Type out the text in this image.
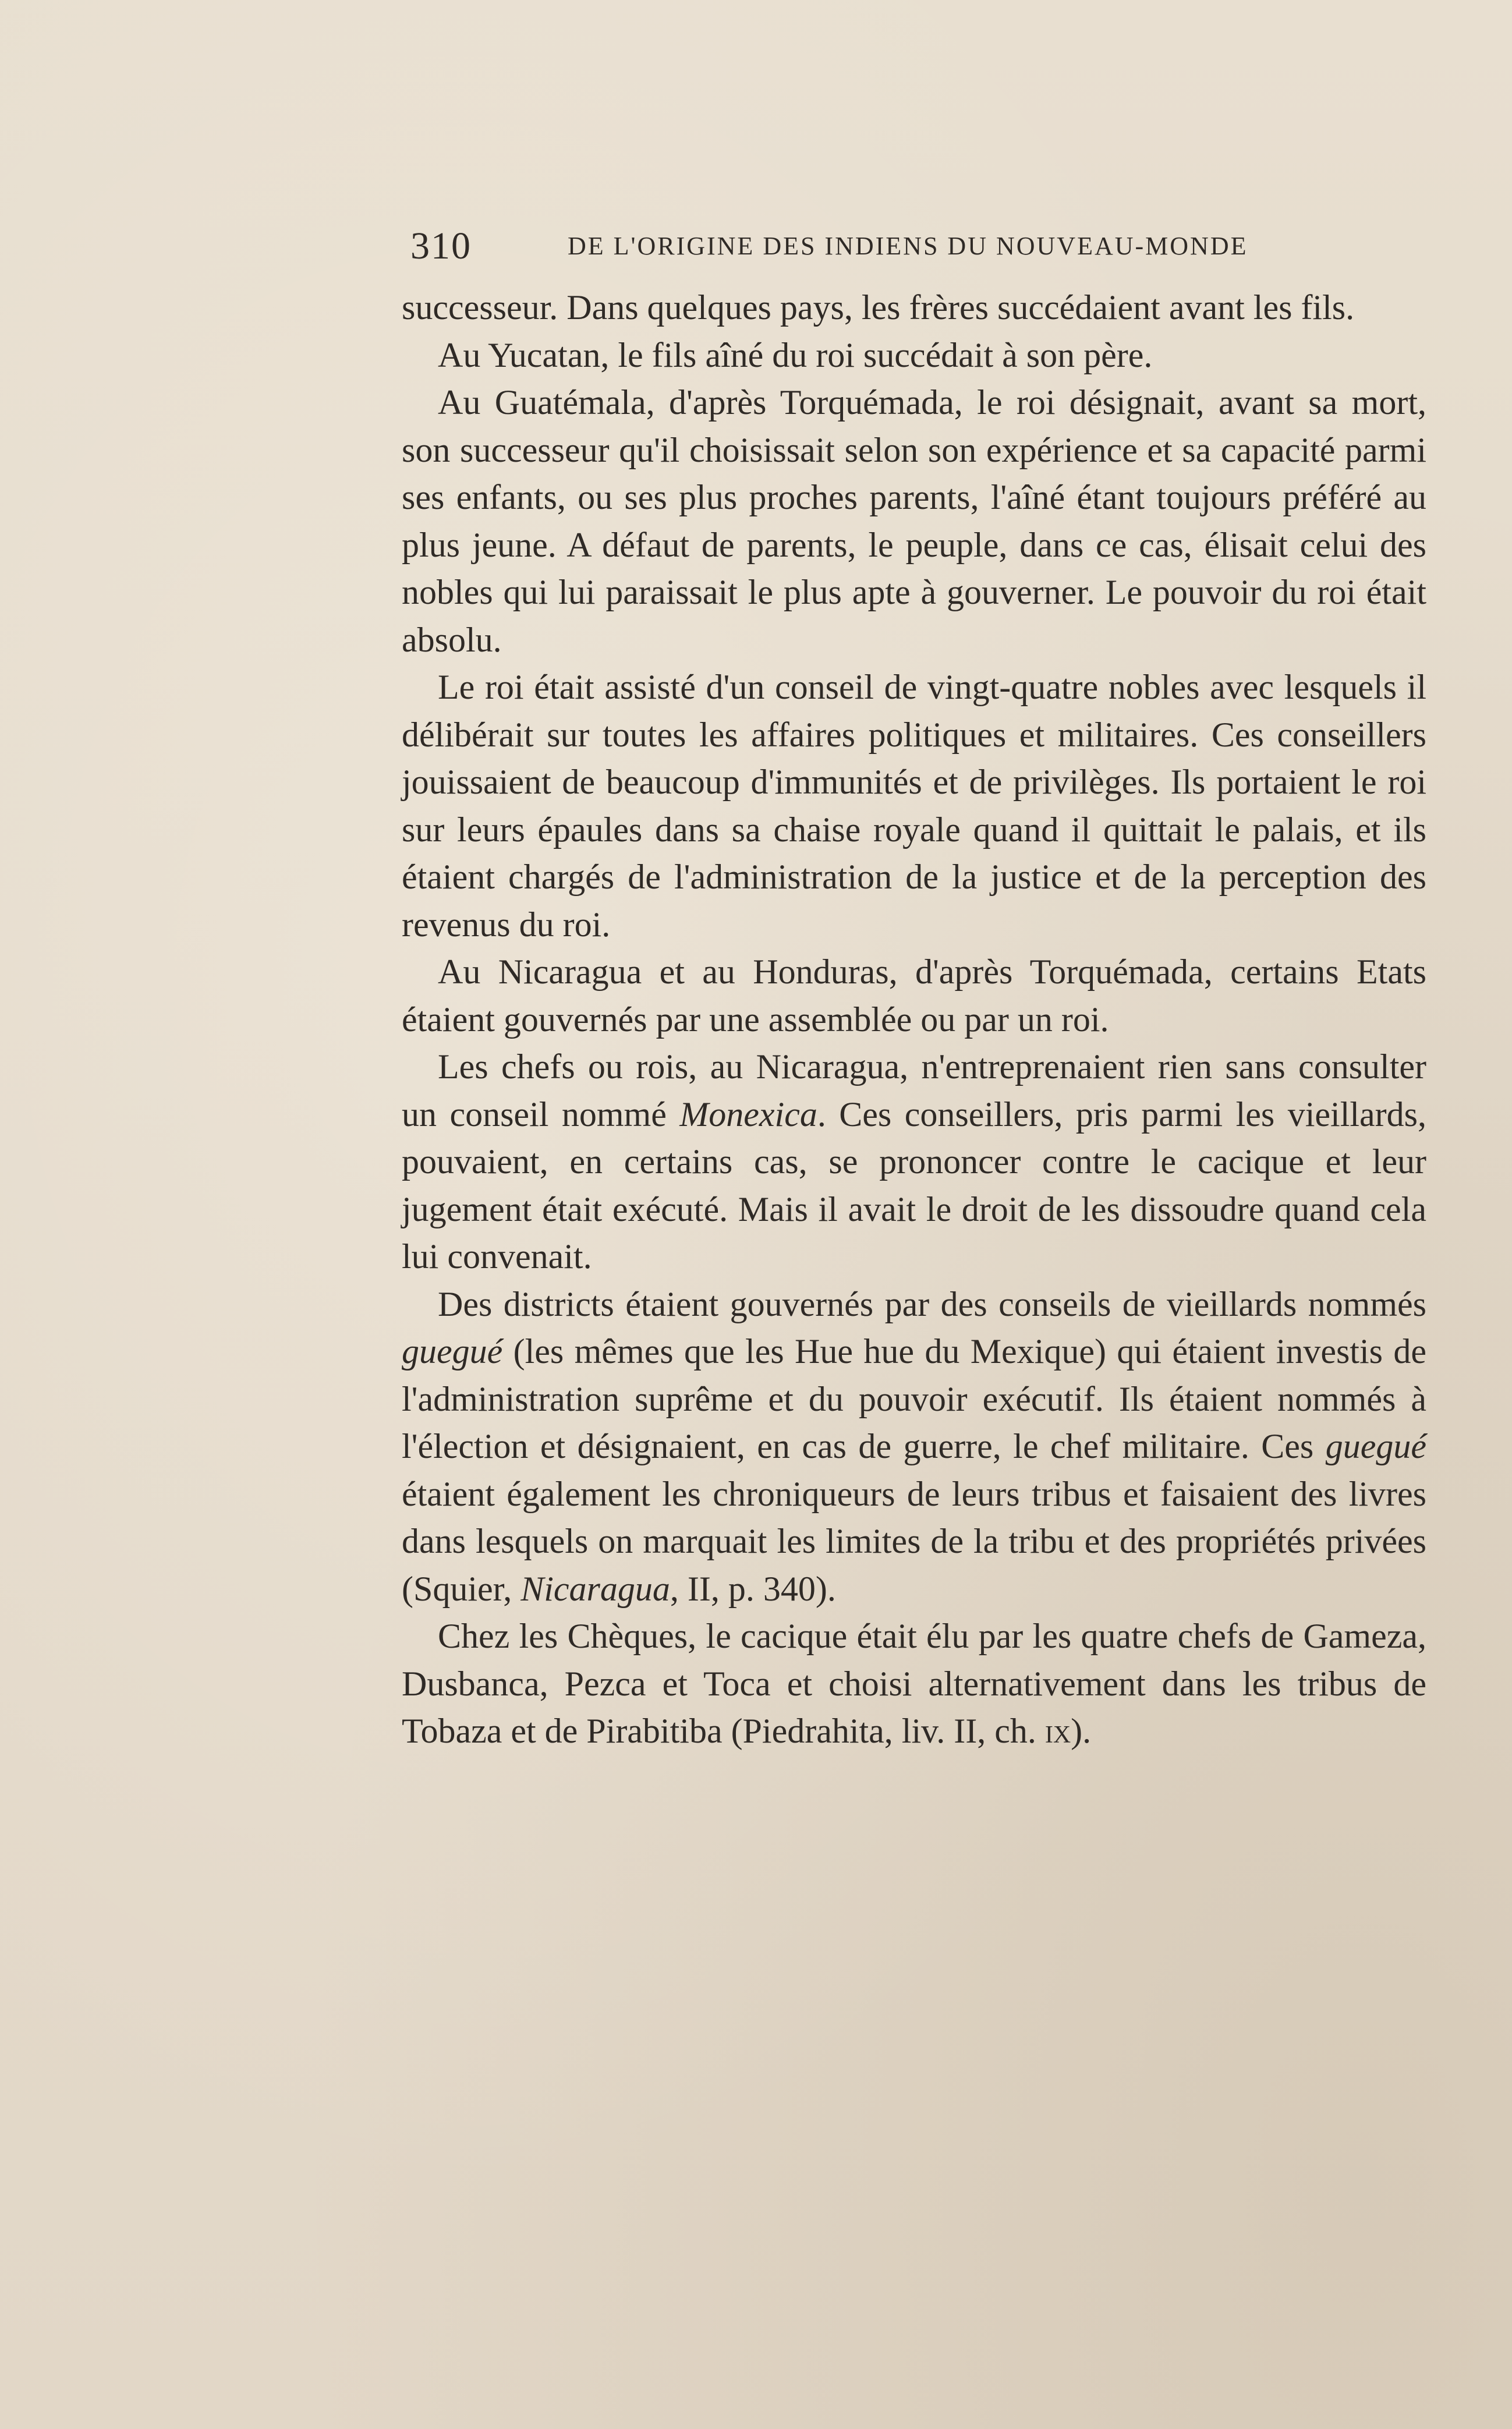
310	DE L'ORIGINE DES INDIENS DU NOUVEAU-MONDE

successeur. Dans quelques pays, les frères succédaient avant les fils.

Au Yucatan, le fils aîné du roi succédait à son père.

Au Guatémala, d'après Torquémada, le roi désignait, avant sa mort, son successeur qu'il choisissait selon son expérience et sa capacité parmi ses enfants, ou ses plus proches parents, l'aîné étant toujours préféré au plus jeune. A défaut de parents, le peuple, dans ce cas, élisait celui des nobles qui lui paraissait le plus apte à gouverner. Le pouvoir du roi était absolu.

Le roi était assisté d'un conseil de vingt-quatre nobles avec lesquels il délibérait sur toutes les affaires politiques et militaires. Ces conseillers jouissaient de beaucoup d'immunités et de privilèges. Ils portaient le roi sur leurs épaules dans sa chaise royale quand il quittait le palais, et ils étaient chargés de l'administration de la justice et de la perception des revenus du roi.

Au Nicaragua et au Honduras, d'après Torquémada, certains Etats étaient gouvernés par une assemblée ou par un roi.

Les chefs ou rois, au Nicaragua, n'entreprenaient rien sans consulter un conseil nommé Monexica. Ces conseillers, pris parmi les vieillards, pouvaient, en certains cas, se prononcer contre le cacique et leur jugement était exécuté. Mais il avait le droit de les dissoudre quand cela lui convenait.

Des districts étaient gouvernés par des conseils de vieillards nommés guegué (les mêmes que les Hue hue du Mexique) qui étaient investis de l'administration suprême et du pouvoir exécutif. Ils étaient nommés à l'élection et désignaient, en cas de guerre, le chef militaire. Ces guegué étaient également les chroniqueurs de leurs tribus et faisaient des livres dans lesquels on marquait les limites de la tribu et des propriétés privées (Squier, Nicaragua, II, p. 340).

Chez les Chèques, le cacique était élu par les quatre chefs de Gameza, Dusbanca, Pezca et Toca et choisi alternativement dans les tribus de Tobaza et de Pirabitiba (Piedrahita, liv. II, ch. ix).
